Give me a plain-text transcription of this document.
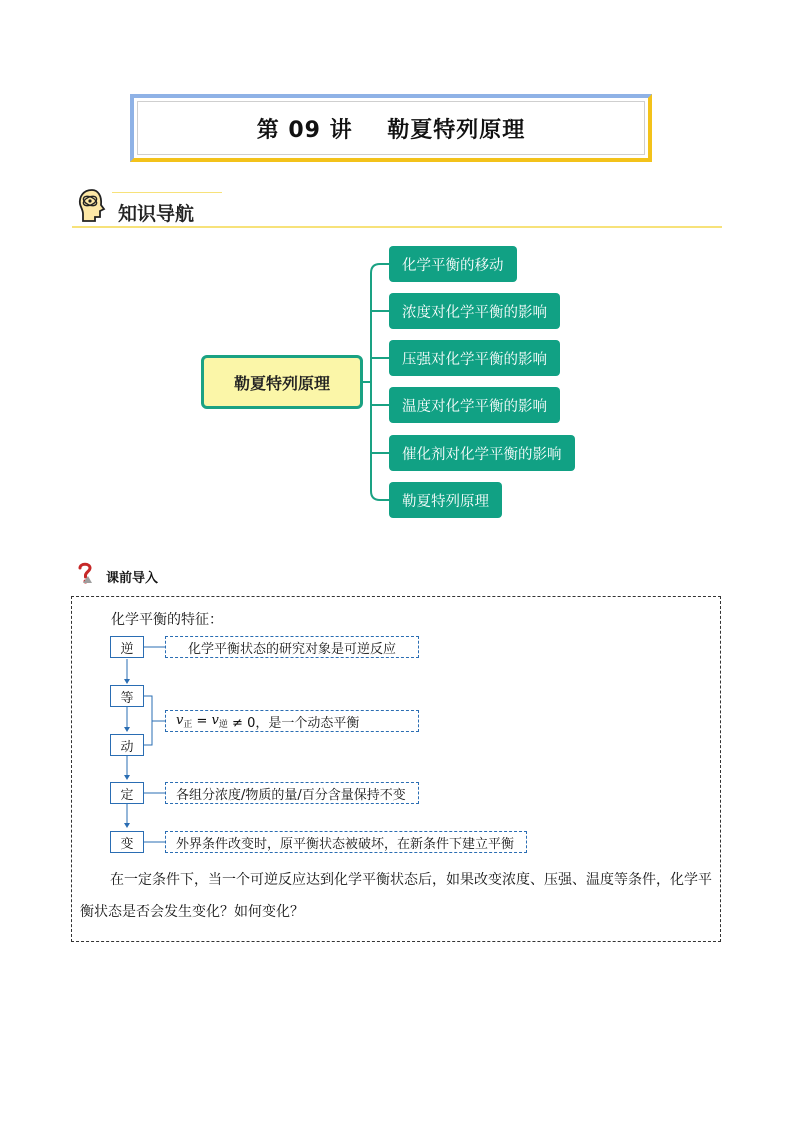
第 09 讲    勒夏特列原理
知识导航
勒夏特列原理
化学平衡的移动
浓度对化学平衡的影响
压强对化学平衡的影响
温度对化学平衡的影响
催化剂对化学平衡的影响
勒夏特列原理
课前导入
化学平衡的特征：
逆
等
动
定
变
化学平衡状态的研究对象是可逆反应
$v_正 = v_逆 \ne 0$，是一个动态平衡
各组分浓度/物质的量/百分含量保持不变
外界条件改变时，原平衡状态被破坏，在新条件下建立平衡
在一定条件下，当一个可逆反应达到化学平衡状态后，如果改变浓度、压强、温度等条件，化学平衡状态是否会发生变化？如何变化？
